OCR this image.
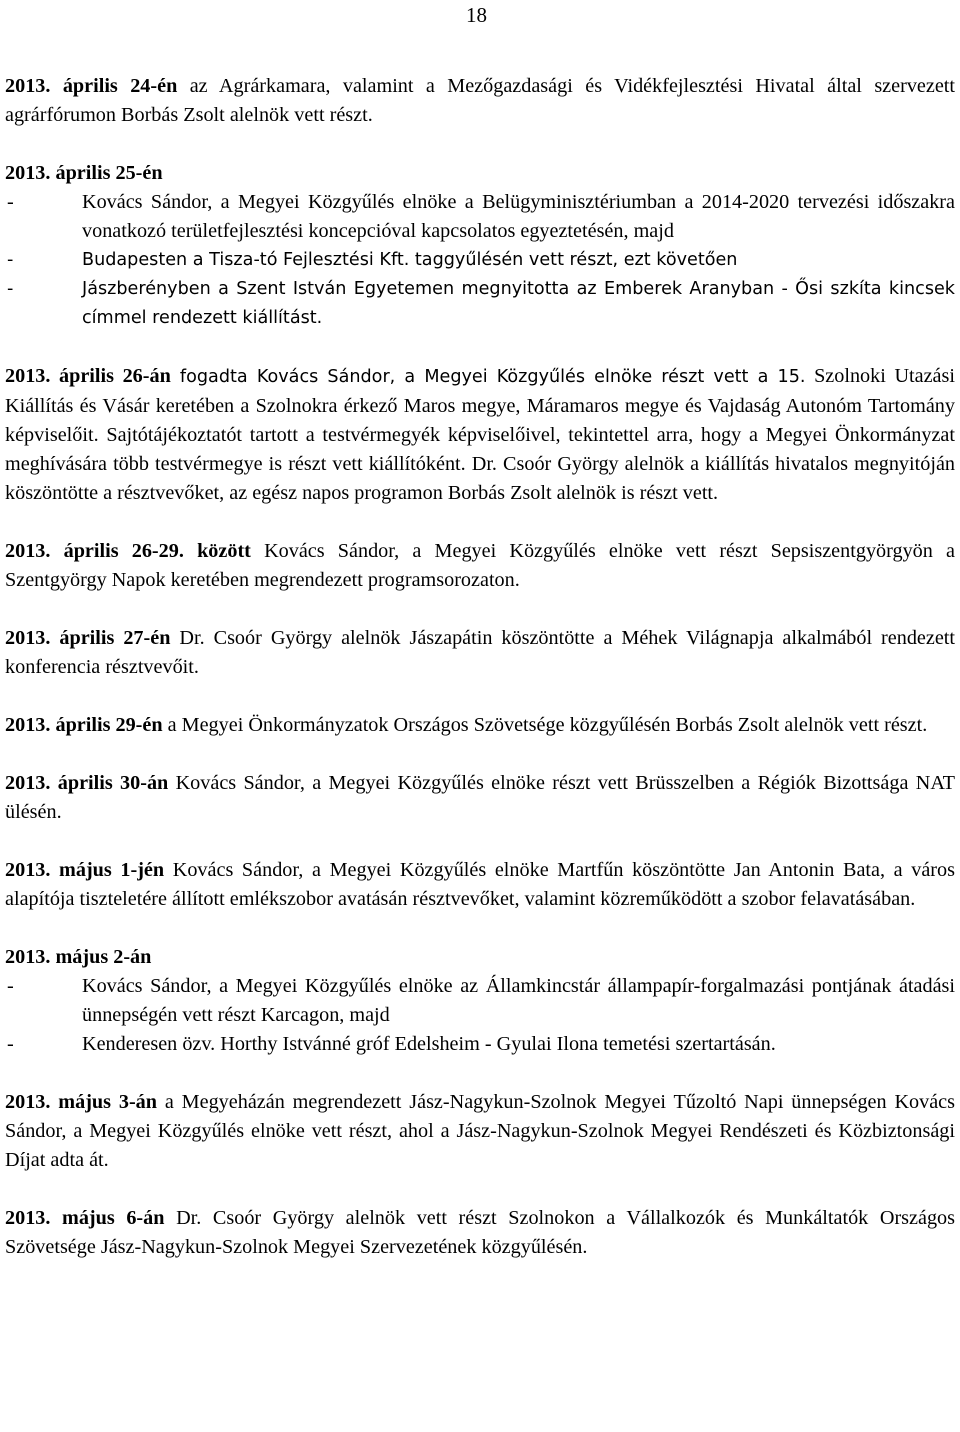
18

2013. április 24-én az Agrárkamara, valamint a Mezőgazdasági és Vidékfejlesztési Hivatal által szervezett agrárfórumon Borbás Zsolt alelnök vett részt.

2013. április 25-én

- Kovács Sándor, a Megyei Közgyűlés elnöke a Belügyminisztériumban a 2014-2020 tervezési időszakra vonatkozó területfejlesztési koncepcióval kapcsolatos egyeztetésén, majd
- Budapesten a Tisza-tó Fejlesztési Kft. taggyűlésén vett részt, ezt követően
- Jászberényben a Szent István Egyetemen megnyitotta az Emberek Aranyban - Ősi szkíta kincsek címmel rendezett kiállítást.

2013. április 26-án fogadta Kovács Sándor, a Megyei Közgyűlés elnöke részt vett a 15. Szolnoki Utazási Kiállítás és Vásár keretében a Szolnokra érkező Maros megye, Máramaros megye és Vajdaság Autonóm Tartomány képviselőit. Sajtótájékoztatót tartott a testvérmegyék képviselőivel, tekintettel arra, hogy a Megyei Önkormányzat meghívására több testvérmegye is részt vett kiállítóként. Dr. Csoór György alelnök a kiállítás hivatalos megnyitóján köszöntötte a résztvevőket, az egész napos programon Borbás Zsolt alelnök is részt vett.

2013. április 26-29. között Kovács Sándor, a Megyei Közgyűlés elnöke vett részt Sepsiszentgyörgyön a Szentgyörgy Napok keretében megrendezett programsorozaton.

2013. április 27-én Dr. Csoór György alelnök Jászapátin köszöntötte a Méhek Világnapja alkalmából rendezett konferencia résztvevőit.

2013. április 29-én a Megyei Önkormányzatok Országos Szövetsége közgyűlésén Borbás Zsolt alelnök vett részt.

2013. április 30-án Kovács Sándor, a Megyei Közgyűlés elnöke részt vett Brüsszelben a Régiók Bizottsága NAT ülésén.

2013. május 1-jén Kovács Sándor, a Megyei Közgyűlés elnöke Martfűn köszöntötte Jan Antonin Bata, a város alapítója tiszteletére állított emlékszobor avatásán résztvevőket, valamint közreműködött a szobor felavatásában.

2013. május 2-án

- Kovács Sándor, a Megyei Közgyűlés elnöke az Államkincstár állampapír-forgalmazási pontjának átadási ünnepségén vett részt Karcagon, majd
- Kenderesen özv. Horthy Istvánné gróf Edelsheim - Gyulai Ilona temetési szertartásán.

2013. május 3-án a Megyeházán megrendezett Jász-Nagykun-Szolnok Megyei Tűzoltó Napi ünnepségen Kovács Sándor, a Megyei Közgyűlés elnöke vett részt, ahol a Jász-Nagykun-Szolnok Megyei Rendészeti és Közbiztonsági Díjat adta át.

2013. május 6-án Dr. Csoór György alelnök vett részt Szolnokon a Vállalkozók és Munkáltatók Országos Szövetsége Jász-Nagykun-Szolnok Megyei Szervezetének közgyűlésén.
